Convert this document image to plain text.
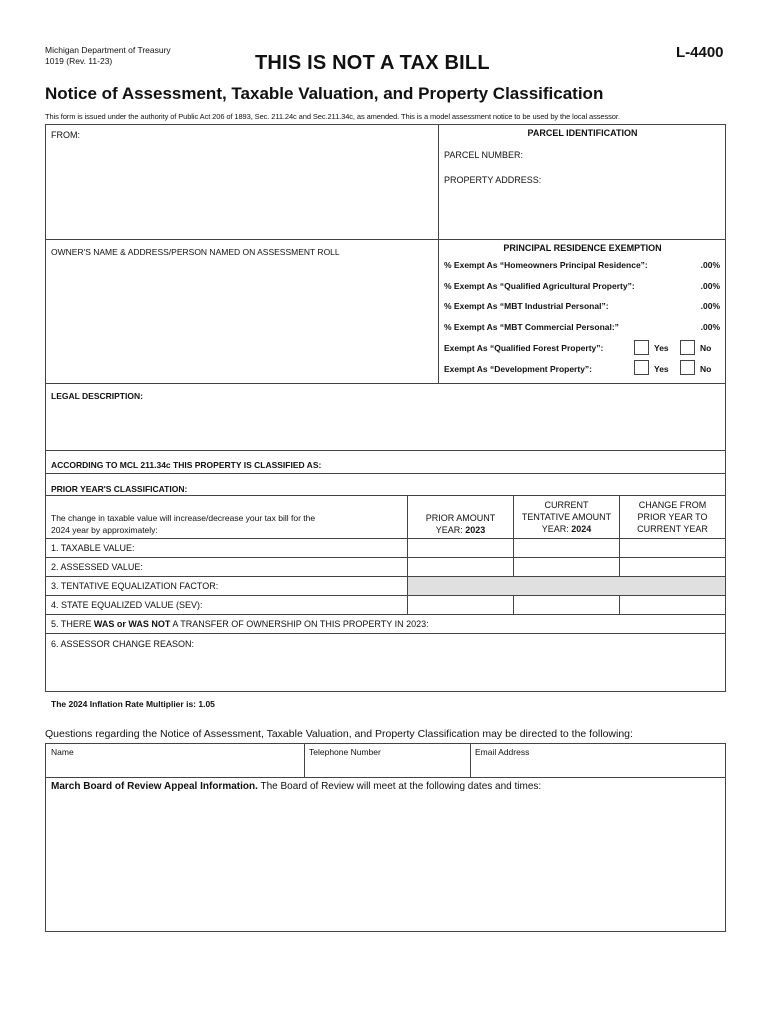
Michigan Department of Treasury
1019 (Rev. 11-23)	THIS IS NOT A TAX BILL	L-4400
Notice of Assessment, Taxable Valuation, and Property Classification
This form is issued under the authority of Public Act 206 of 1893, Sec. 211.24c and Sec.211.34c, as amended. This is a model assessment notice to be used by the local assessor.
FROM:	PARCEL IDENTIFICATION
PARCEL NUMBER:
PROPERTY ADDRESS:
OWNER'S NAME & ADDRESS/PERSON NAMED ON ASSESSMENT ROLL	PRINCIPAL RESIDENCE EXEMPTION
% Exempt As “Homeowners Principal Residence”:	.00%
% Exempt As “Qualified Agricultural Property”:	.00%
% Exempt As “MBT Industrial Personal”:	.00%
% Exempt As “MBT Commercial Personal:”	.00%
Exempt As “Qualified Forest Property”:	Yes	No
Exempt As “Development Property”:	Yes	No
LEGAL DESCRIPTION:
ACCORDING TO MCL 211.34c THIS PROPERTY IS CLASSIFIED AS:
PRIOR YEAR'S CLASSIFICATION:
The change in taxable value will increase/decrease your tax bill for the
2024 year by approximately:
PRIOR AMOUNT
YEAR: 2023
CURRENT
TENTATIVE AMOUNT
YEAR: 2024
CHANGE FROM
PRIOR YEAR TO
CURRENT YEAR
1. TAXABLE VALUE:
2. ASSESSED VALUE:
3. TENTATIVE EQUALIZATION FACTOR:
4. STATE EQUALIZED VALUE (SEV):
5. THERE WAS or WAS NOT A TRANSFER OF OWNERSHIP ON THIS PROPERTY IN 2023:
6. ASSESSOR CHANGE REASON:
The 2024 Inflation Rate Multiplier is: 1.05
Questions regarding the Notice of Assessment, Taxable Valuation, and Property Classification may be directed to the following:
Name	Telephone Number	Email Address
March Board of Review Appeal Information. The Board of Review will meet at the following dates and times:
